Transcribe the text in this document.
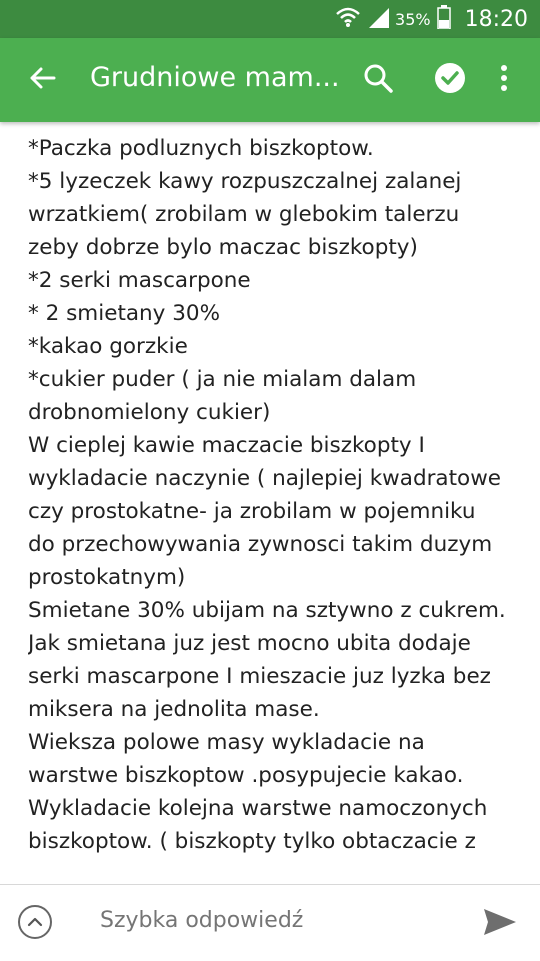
35% 18:20
Grudniowe mam...
*Paczka podluznych biszkoptow.
*5 lyzeczek kawy rozpuszczalnej zalanej
wrzatkiem( zrobilam w glebokim talerzu
zeby dobrze bylo maczac biszkopty)
*2 serki mascarpone
* 2 smietany 30%
*kakao gorzkie
*cukier puder ( ja nie mialam dalam
drobnomielony cukier)
W cieplej kawie maczacie biszkopty I
wykladacie naczynie ( najlepiej kwadratowe
czy prostokatne- ja zrobilam w pojemniku
do przechowywania zywnosci takim duzym
prostokatnym)
Smietane 30% ubijam na sztywno z cukrem.
Jak smietana juz jest mocno ubita dodaje
serki mascarpone I mieszacie juz lyzka bez
miksera na jednolita mase.
Wieksza polowe masy wykladacie na
warstwe biszkoptow .posypujecie kakao.
Wykladacie kolejna warstwe namoczonych
biszkoptow. ( biszkopty tylko obtaczacie z
Szybka odpowiedź
